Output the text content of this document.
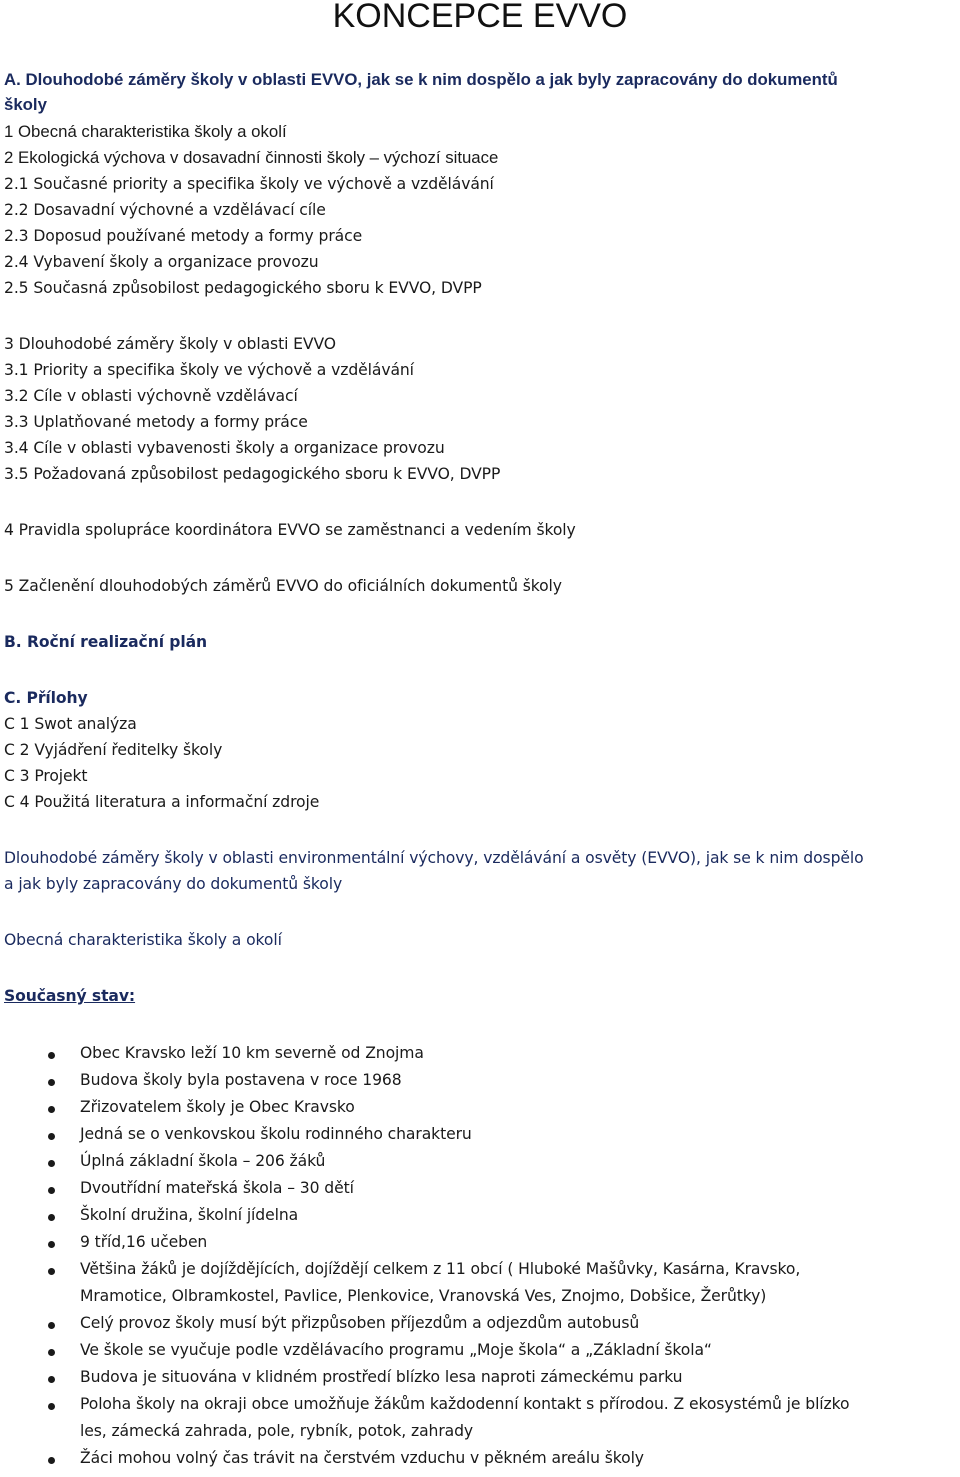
KONCEPCE EVVO
A. Dlouhodobé záměry školy v oblasti EVVO, jak se k nim dospělo a jak byly zapracovány do dokumentů
školy
1 Obecná charakteristika školy a okolí
2 Ekologická výchova v dosavadní činnosti školy – výchozí situace
2.1 Současné priority a specifika školy ve výchově a vzdělávání
2.2 Dosavadní výchovné a vzdělávací cíle
2.3 Doposud používané metody a formy práce
2.4 Vybavení školy a organizace provozu
2.5 Současná způsobilost pedagogického sboru k EVVO, DVPP
3 Dlouhodobé záměry školy v oblasti EVVO
3.1 Priority a specifika školy ve výchově a vzdělávání
3.2 Cíle v oblasti výchovně vzdělávací
3.3 Uplatňované metody a formy práce
3.4 Cíle v oblasti vybavenosti školy a organizace provozu
3.5 Požadovaná způsobilost pedagogického sboru k EVVO, DVPP
4 Pravidla spolupráce koordinátora EVVO se zaměstnanci a vedením školy
5 Začlenění dlouhodobých záměrů EVVO do oficiálních dokumentů školy
B. Roční realizační plán
C. Přílohy
C 1 Swot analýza
C 2 Vyjádření ředitelky školy
C 3 Projekt
C 4 Použitá literatura a informační zdroje
Dlouhodobé záměry školy v oblasti environmentální výchovy, vzdělávání a osvěty (EVVO), jak se k nim dospělo
a jak byly zapracovány do dokumentů školy
Obecná charakteristika školy a okolí
Současný stav:
Obec Kravsko leží 10 km severně od Znojma
Budova školy byla postavena v roce 1968
Zřizovatelem školy je Obec Kravsko
Jedná se o venkovskou školu rodinného charakteru
Úplná základní škola – 206 žáků
Dvoutřídní mateřská škola – 30 dětí
Školní družina, školní jídelna
9 tříd,16 učeben
Většina žáků je dojíždějících, dojíždějí celkem z 11 obcí ( Hluboké Mašůvky, Kasárna, Kravsko,
Mramotice, Olbramkostel, Pavlice, Plenkovice, Vranovská Ves, Znojmo, Dobšice, Žerůtky)
Celý provoz školy musí být přizpůsoben příjezdům a odjezdům autobusů
Ve škole se vyučuje podle vzdělávacího programu „Moje škola“ a „Základní škola“
Budova je situována v klidném prostředí blízko lesa naproti zámeckému parku
Poloha školy na okraji obce umožňuje žákům každodenní kontakt s přírodou. Z ekosystémů je blízko
les, zámecká zahrada, pole, rybník, potok, zahrady
Žáci mohou volný čas trávit na čerstvém vzduchu v pěkném areálu školy
